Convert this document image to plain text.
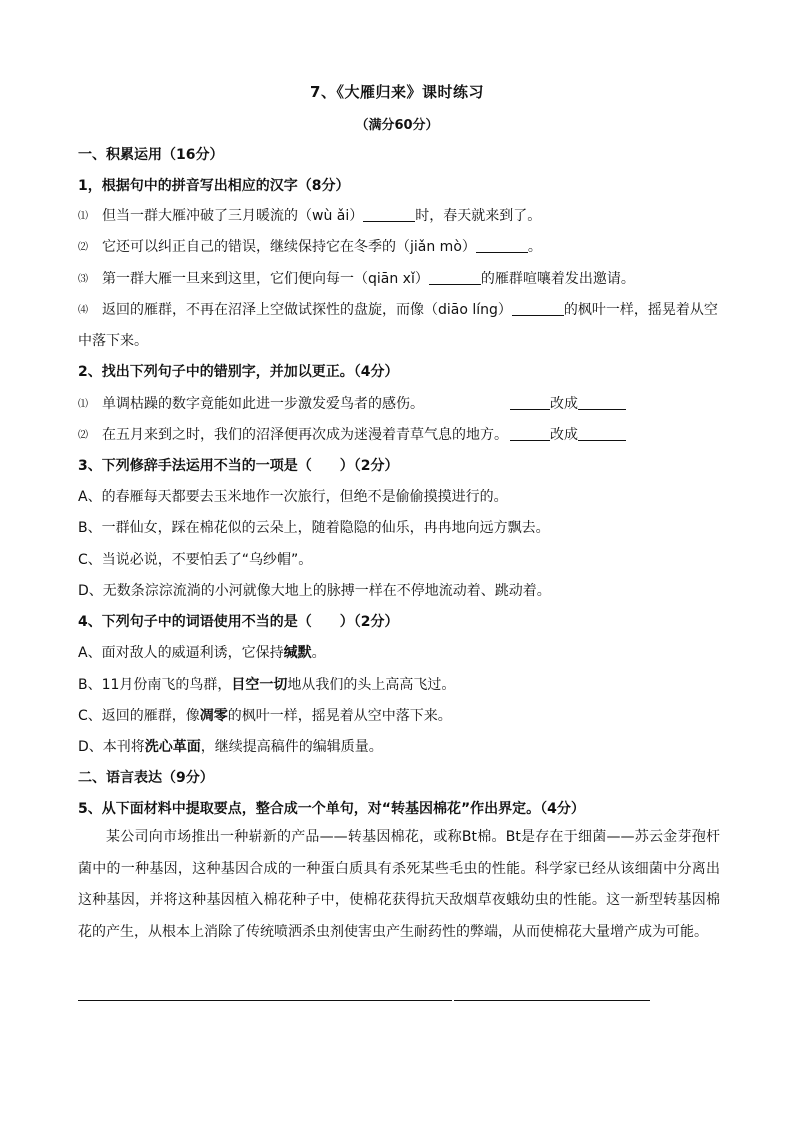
7、《大雁归来》课时练习
（满分60分）
一、积累运用（16分）
1，根据句中的拼音写出相应的汉字（8分）
⑴ 但当一群大雁冲破了三月暖流的（wù ǎi）	时，春天就来到了。
⑵ 它还可以纠正自己的错误，继续保持它在冬季的（jiǎn mò）	。
⑶ 第一群大雁一旦来到这里，它们便向每一（qiān xǐ）	的雁群喧嚷着发出邀请。
⑷ 返回的雁群，不再在沼泽上空做试探性的盘旋，而像（diāo líng）	的枫叶一样，摇晃着从空
中落下来。
2、找出下列句子中的错别字，并加以更正。（4分）
⑴ 单调枯躁的数字竟能如此进一步激发爱鸟者的感伤。	改成
⑵ 在五月来到之时，我们的沼泽便再次成为迷漫着青草气息的地方。	改成
3、下列修辞手法运用不当的一项是（　　）（2分）
A、的春雁每天都要去玉米地作一次旅行，但绝不是偷偷摸摸进行的。
B、一群仙女，踩在棉花似的云朵上，随着隐隐的仙乐，冉冉地向远方飘去。
C、当说必说，不要怕丢了“乌纱帽”。
D、无数条淙淙流淌的小河就像大地上的脉搏一样在不停地流动着、跳动着。
4、下列句子中的词语使用不当的是（　　）（2分）
A、面对敌人的威逼利诱，它保持缄默。
B、11月份南飞的鸟群，目空一切地从我们的头上高高飞过。
C、返回的雁群，像凋零的枫叶一样，摇晃着从空中落下来。
D、本刊将洗心革面，继续提高稿件的编辑质量。
二、语言表达（9分）
5、从下面材料中提取要点，整合成一个单句，对“转基因棉花”作出界定。（4分）
某公司向市场推出一种崭新的产品——转基因棉花，或称Bt棉。Bt是存在于细菌——苏云金芽孢杆菌中的一种基因，这种基因合成的一种蛋白质具有杀死某些毛虫的性能。科学家已经从该细菌中分离出这种基因，并将这种基因植入棉花种子中，使棉花获得抗天敌烟草夜蛾幼虫的性能。这一新型转基因棉花的产生，从根本上消除了传统喷洒杀虫剂使害虫产生耐药性的弊端，从而使棉花大量增产成为可能。
